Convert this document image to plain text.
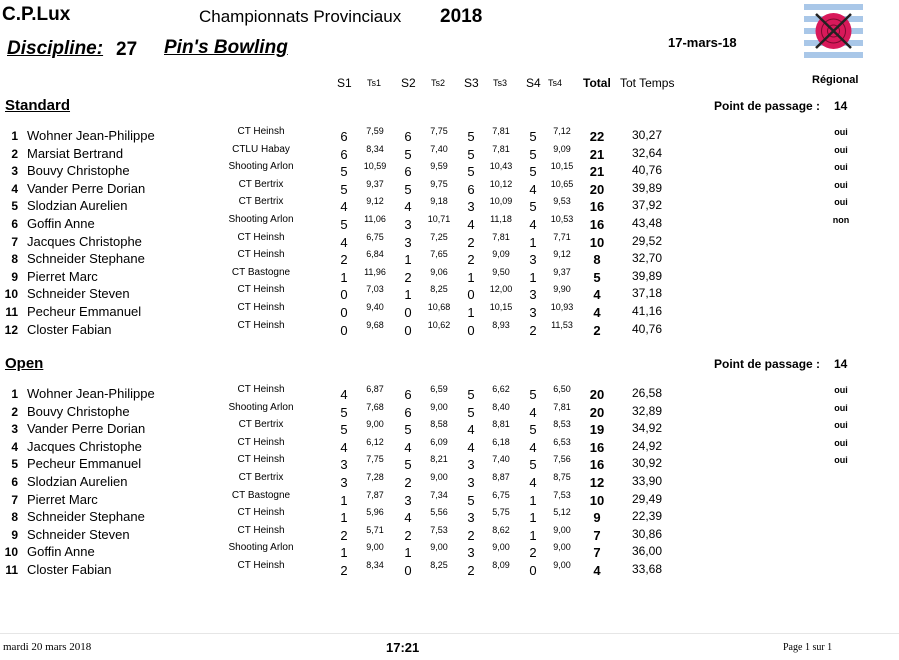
C.P.Lux	Championnats Provinciaux 2018
Discipline: 27 Pin's Bowling	17-mars-18
S1 Ts1 S2 Ts2 S3 Ts3 S4 Ts4 Total Tot Temps	Régional
Standard	Point de passage : 14
1 Wohner Jean-Philippe	CT Heinsh	6	7,59	6	7,75	5	7,81	5	7,12	22	30,27	oui
2 Marsiat Bertrand	CTLU Habay	6	8,34	5	7,40	5	7,81	5	9,09	21	32,64	oui
3 Bouvy Christophe	Shooting Arlon	5	10,59	6	9,59	5	10,43	5	10,15	21	40,76	oui
4 Vander Perre Dorian	CT Bertrix	5	9,37	5	9,75	6	10,12	4	10,65	20	39,89	oui
5 Slodzian Aurelien	CT Bertrix	4	9,12	4	9,18	3	10,09	5	9,53	16	37,92	oui
6 Goffin Anne	Shooting Arlon	5	11,06	3	10,71	4	11,18	4	10,53	16	43,48	non
7 Jacques Christophe	CT Heinsh	4	6,75	3	7,25	2	7,81	1	7,71	10	29,52
8 Schneider Stephane	CT Heinsh	2	6,84	1	7,65	2	9,09	3	9,12	8	32,70
9 Pierret Marc	CT Bastogne	1	11,96	2	9,06	1	9,50	1	9,37	5	39,89
10 Schneider Steven	CT Heinsh	0	7,03	1	8,25	0	12,00	3	9,90	4	37,18
11 Pecheur Emmanuel	CT Heinsh	0	9,40	0	10,68	1	10,15	3	10,93	4	41,16
12 Closter Fabian	CT Heinsh	0	9,68	0	10,62	0	8,93	2	11,53	2	40,76
Open	Point de passage : 14
1 Wohner Jean-Philippe	CT Heinsh	4	6,87	6	6,59	5	6,62	5	6,50	20	26,58	oui
2 Bouvy Christophe	Shooting Arlon	5	7,68	6	9,00	5	8,40	4	7,81	20	32,89	oui
3 Vander Perre Dorian	CT Bertrix	5	9,00	5	8,58	4	8,81	5	8,53	19	34,92	oui
4 Jacques Christophe	CT Heinsh	4	6,12	4	6,09	4	6,18	4	6,53	16	24,92	oui
5 Pecheur Emmanuel	CT Heinsh	3	7,75	5	8,21	3	7,40	5	7,56	16	30,92	oui
6 Slodzian Aurelien	CT Bertrix	3	7,28	2	9,00	3	8,87	4	8,75	12	33,90
7 Pierret Marc	CT Bastogne	1	7,87	3	7,34	5	6,75	1	7,53	10	29,49
8 Schneider Stephane	CT Heinsh	1	5,96	4	5,56	3	5,75	1	5,12	9	22,39
9 Schneider Steven	CT Heinsh	2	5,71	2	7,53	2	8,62	1	9,00	7	30,86
10 Goffin Anne	Shooting Arlon	1	9,00	1	9,00	3	9,00	2	9,00	7	36,00
11 Closter Fabian	CT Heinsh	2	8,34	0	8,25	2	8,09	0	9,00	4	33,68
mardi 20 mars 2018	17:21	Page 1 sur 1
